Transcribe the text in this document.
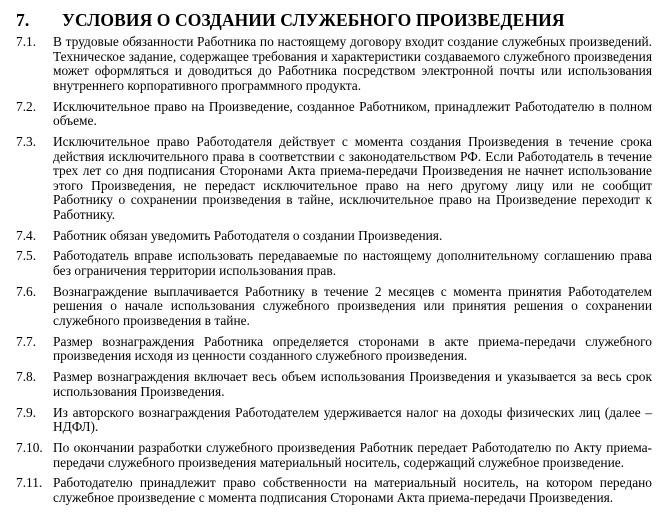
7.	УСЛОВИЯ О СОЗДАНИИ СЛУЖЕБНОГО ПРОИЗВЕДЕНИЯ
7.1.	В трудовые обязанности Работника по настоящему договору входит создание служебных произведений. Техническое задание, содержащее требования и характеристики создаваемого служебного произведения может оформляться и доводиться до Работника посредством электронной почты или использования внутреннего корпоративного программного продукта.
7.2.	Исключительное право на Произведение, созданное Работником, принадлежит Работодателю в полном объеме.
7.3.	Исключительное право Работодателя действует с момента создания Произведения в течение срока действия исключительного права в соответствии с законодательством РФ. Если Работодатель в течение трех лет со дня подписания Сторонами Акта приема-передачи Произведения не начнет использование этого Произведения, не передаст исключительное право на него другому лицу или не сообщит Работнику о сохранении произведения в тайне, исключительное право на Произведение переходит к Работнику.
7.4.	Работник обязан уведомить Работодателя о создании Произведения.
7.5.	Работодатель вправе использовать передаваемые по настоящему дополнительному соглашению права без ограничения территории использования прав.
7.6.	Вознаграждение выплачивается Работнику в течение 2 месяцев с момента принятия Работодателем решения о начале использования служебного произведения или принятия решения о сохранении служебного произведения в тайне.
7.7.	Размер вознаграждения Работника определяется сторонами в акте приема-передачи служебного произведения исходя из ценности созданного служебного произведения.
7.8.	Размер вознаграждения включает весь объем использования Произведения и указывается за весь срок использования Произведения.
7.9.	Из авторского вознаграждения Работодателем удерживается налог на доходы физических лиц (далее – НДФЛ).
7.10. По окончании разработки служебного произведения Работник передает Работодателю по Акту приема-передачи служебного произведения материальный носитель, содержащий служебное произведение.
7.11. Работодателю принадлежит право собственности на материальный носитель, на котором передано служебное произведение с момента подписания Сторонами Акта приема-передачи Произведения.
